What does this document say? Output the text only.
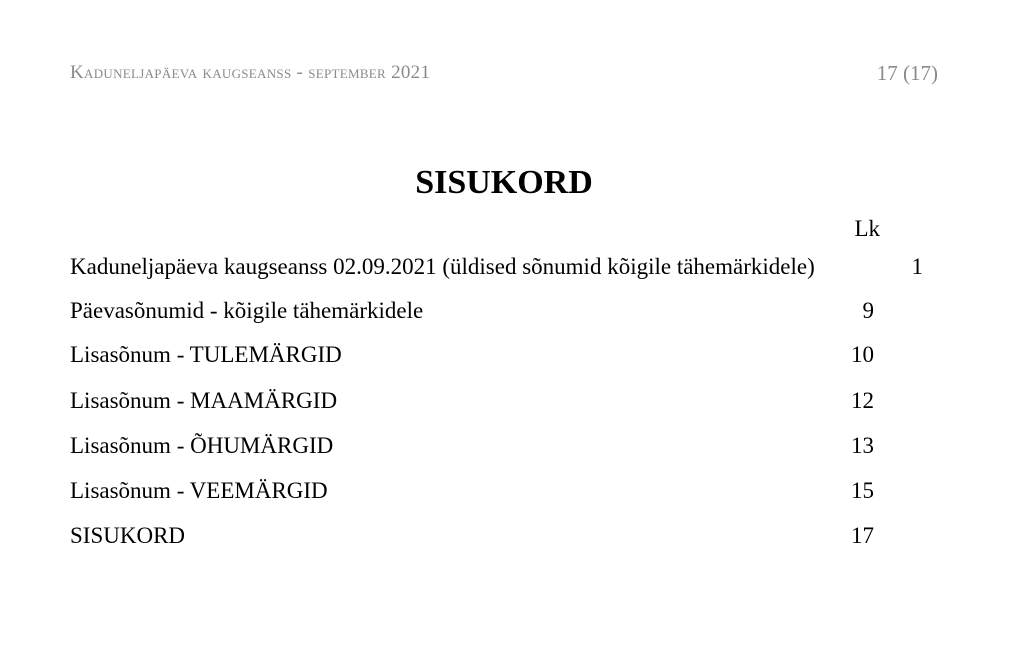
Kaduneljapäeva kaugseanss - september 2021	17 (17)
SISUKORD
Lk
Kaduneljapäeva kaugseanss 02.09.2021 (üldised sõnumid kõigile tähemärkidele)	1
Päevasõnumid - kõigile tähemärkidele	9
Lisasõnum - TULEMÄRGID	10
Lisasõnum - MAAMÄRGID	12
Lisasõnum - ÕHUMÄRGID	13
Lisasõnum - VEEMÄRGID	15
SISUKORD	17
